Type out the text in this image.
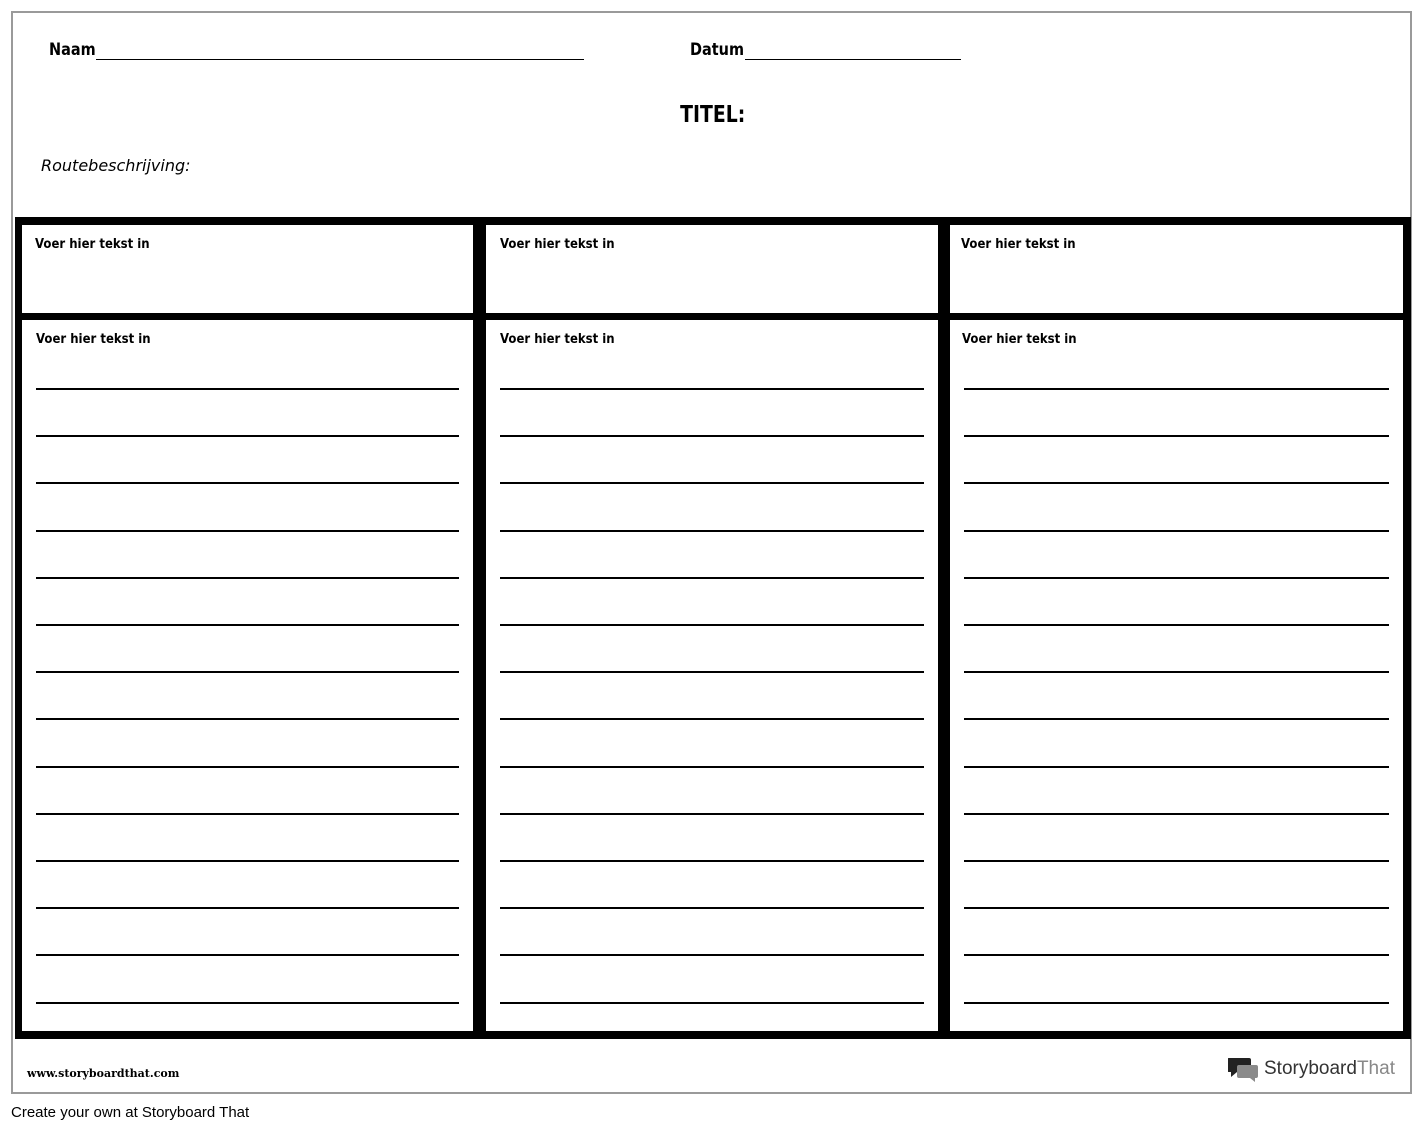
Naam	Datum
TITEL:
Routebeschrijving:
Voer hier tekst in	Voer hier tekst in	Voer hier tekst in
Voer hier tekst in	Voer hier tekst in	Voer hier tekst in
www.storyboardthat.com	StoryboardThat
Create your own at Storyboard That
